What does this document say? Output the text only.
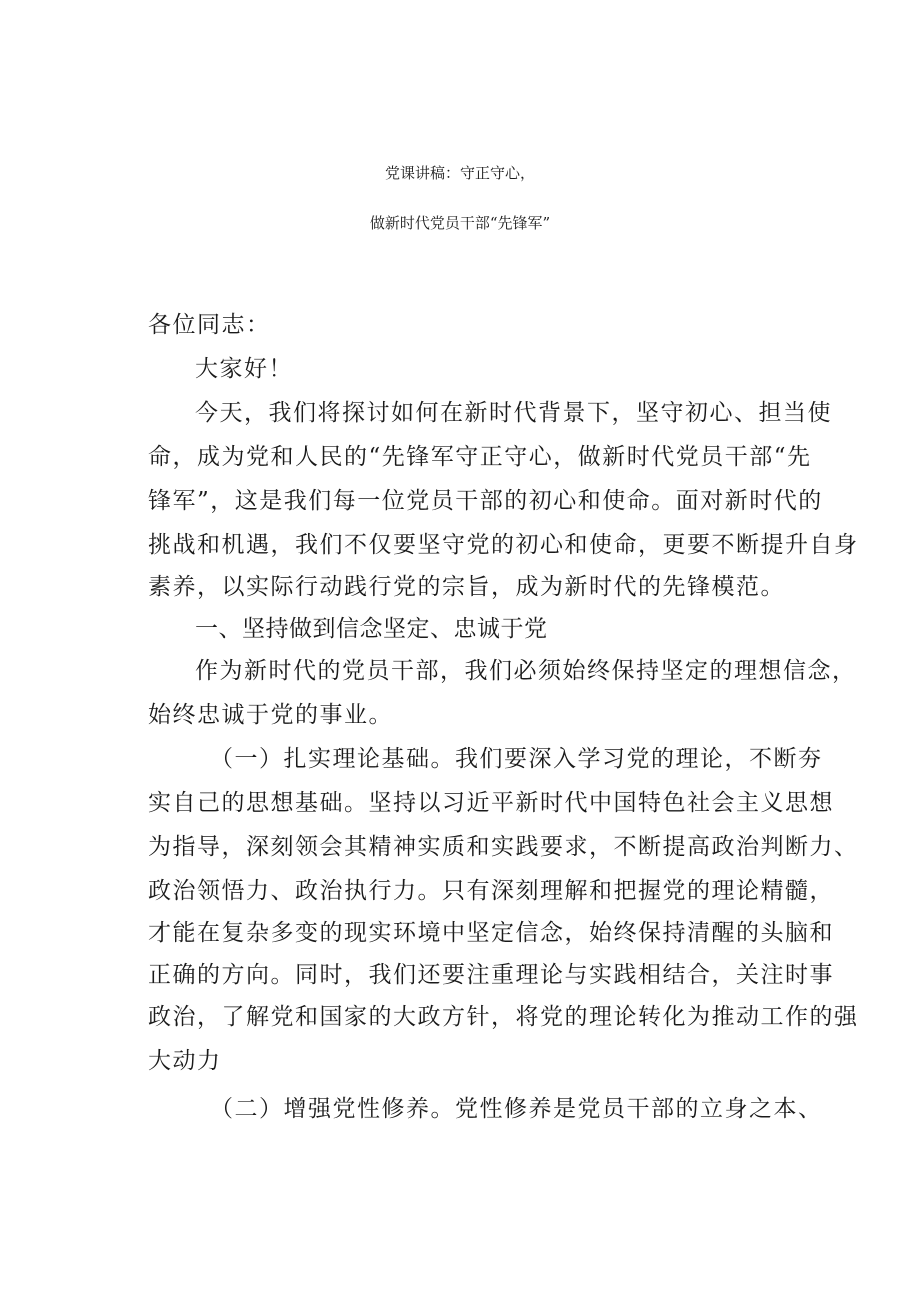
党课讲稿：守正守心，
做新时代党员干部“先锋军”
各位同志：
大家好！
今天，我们将探讨如何在新时代背景下，坚守初心、担当使
命，成为党和人民的“先锋军守正守心，做新时代党员干部“先
锋军”，这是我们每一位党员干部的初心和使命。面对新时代的
挑战和机遇，我们不仅要坚守党的初心和使命，更要不断提升自身
素养，以实际行动践行党的宗旨，成为新时代的先锋模范。
一、坚持做到信念坚定、忠诚于党
作为新时代的党员干部，我们必须始终保持坚定的理想信念，
始终忠诚于党的事业。
（一）扎实理论基础。我们要深入学习党的理论，不断夯
实自己的思想基础。坚持以习近平新时代中国特色社会主义思想
为指导，深刻领会其精神实质和实践要求，不断提高政治判断力、
政治领悟力、政治执行力。只有深刻理解和把握党的理论精髓，
才能在复杂多变的现实环境中坚定信念，始终保持清醒的头脑和
正确的方向。同时，我们还要注重理论与实践相结合，关注时事
政治，了解党和国家的大政方针，将党的理论转化为推动工作的强
大动力
（二）增强党性修养。党性修养是党员干部的立身之本、
